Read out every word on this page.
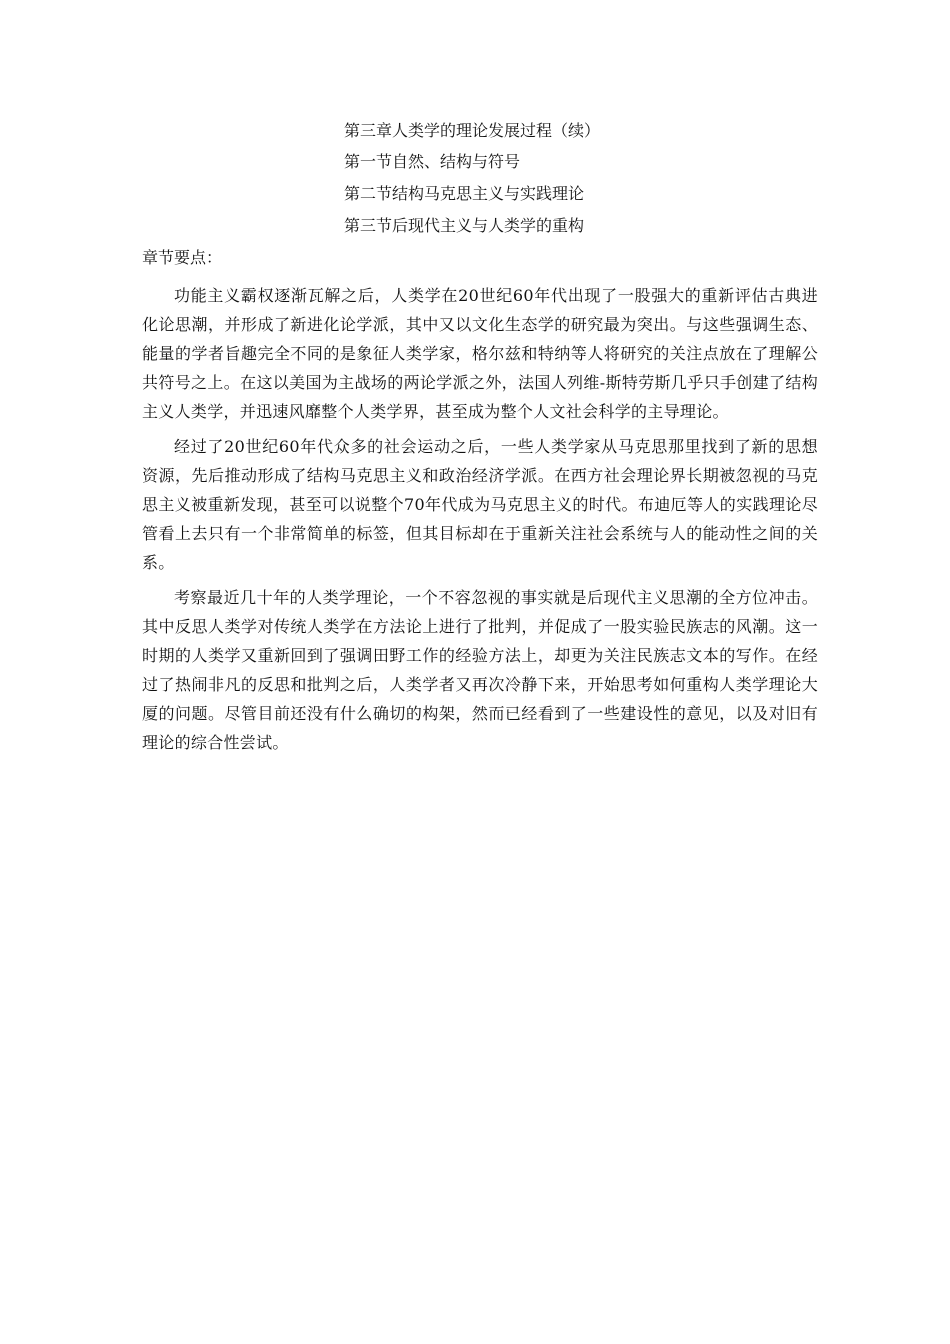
第三章人类学的理论发展过程（续）
第一节自然、结构与符号
第二节结构马克思主义与实践理论
第三节后现代主义与人类学的重构
章节要点：

功能主义霸权逐渐瓦解之后，人类学在20世纪60年代出现了一股强大的重新评估古典进化论思潮，并形成了新进化论学派，其中又以文化生态学的研究最为突出。与这些强调生态、能量的学者旨趣完全不同的是象征人类学家，格尔兹和特纳等人将研究的关注点放在了理解公共符号之上。在这以美国为主战场的两论学派之外，法国人列维-斯特劳斯几乎只手创建了结构主义人类学，并迅速风靡整个人类学界，甚至成为整个人文社会科学的主导理论。

经过了20世纪60年代众多的社会运动之后，一些人类学家从马克思那里找到了新的思想资源，先后推动形成了结构马克思主义和政治经济学派。在西方社会理论界长期被忽视的马克思主义被重新发现，甚至可以说整个70年代成为马克思主义的时代。布迪厄等人的实践理论尽管看上去只有一个非常简单的标签，但其目标却在于重新关注社会系统与人的能动性之间的关系。

考察最近几十年的人类学理论，一个不容忽视的事实就是后现代主义思潮的全方位冲击。其中反思人类学对传统人类学在方法论上进行了批判，并促成了一股实验民族志的风潮。这一时期的人类学又重新回到了强调田野工作的经验方法上，却更为关注民族志文本的写作。在经过了热闹非凡的反思和批判之后，人类学者又再次冷静下来，开始思考如何重构人类学理论大厦的问题。尽管目前还没有什么确切的构架，然而已经看到了一些建设性的意见，以及对旧有理论的综合性尝试。
